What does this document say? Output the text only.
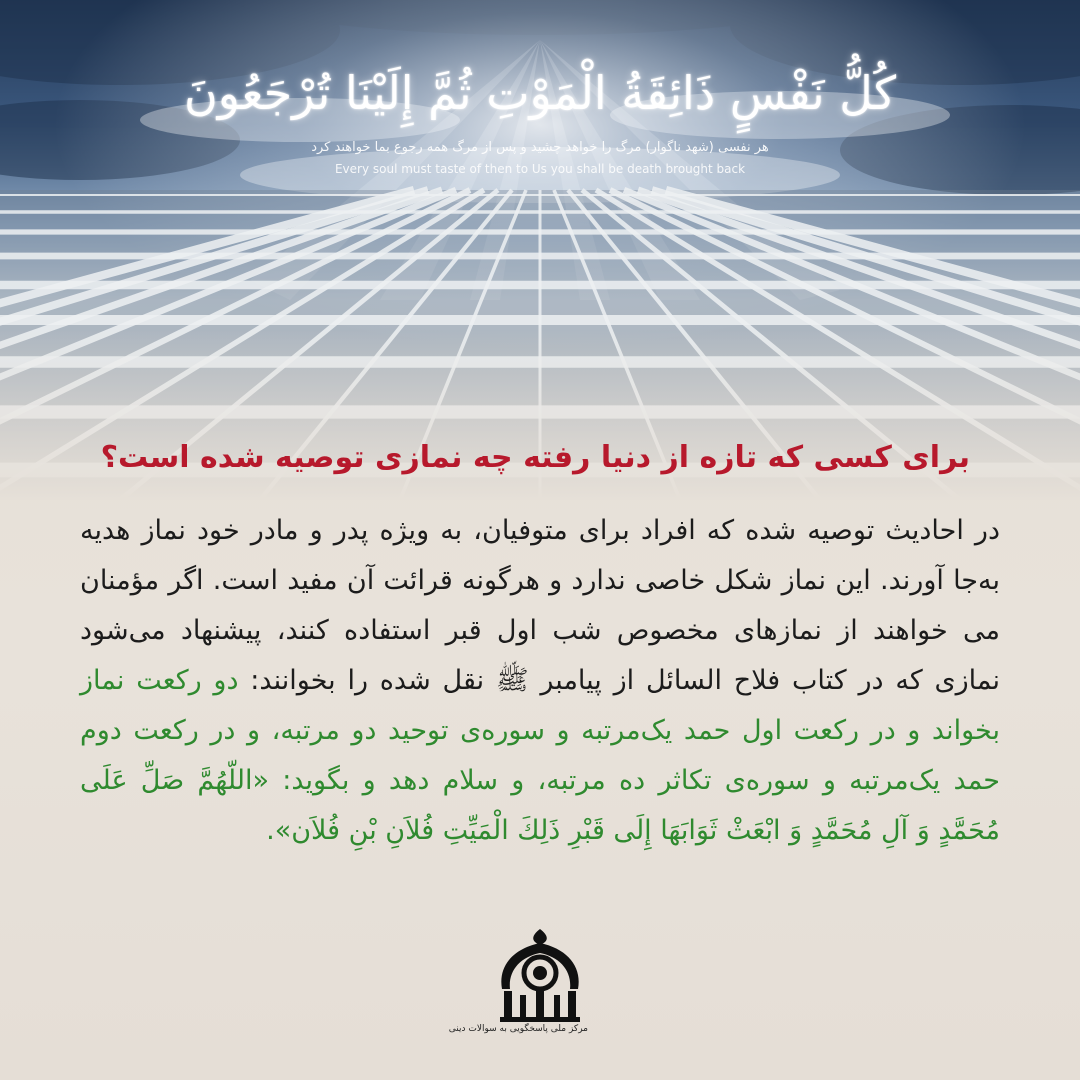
كُلُّ نَفْسٍ ذَائِقَةُ الْمَوْتِ ثُمَّ إِلَيْنَا تُرْجَعُونَ
هر نفسی (شهد ناگوار) مرگ را خواهد چشید و پس از مرگ همه رجوع بما خواهند کرد
Every soul must taste of then to Us you shall be death brought back
برای کسی که تازه از دنیا رفته چه نمازی توصیه شده است؟
در احادیث توصیه شده که افراد برای متوفیان، به ویژه پدر و مادر خود نماز هدیه به‌جا آورند. این نماز شکل خاصی ندارد و هرگونه قرائت آن مفید است. اگر مؤمنان می خواهند از نمازهای مخصوص شب اول قبر استفاده کنند، پیشنهاد می‌شود نمازی که در کتاب فلاح السائل از پیامبر ﷺ نقل شده را بخوانند: دو رکعت نماز بخواند و در رکعت اول حمد یک‌مرتبه و سوره‌ی توحید دو مرتبه، و در رکعت دوم حمد یک‌مرتبه و سوره‌ی تکاثر ده مرتبه، و سلام دهد و بگوید: «اللّهُمَّ صَلِّ عَلَى مُحَمَّدٍ وَ آلِ مُحَمَّدٍ وَ ابْعَثْ ثَوَابَهَا إِلَى قَبْرِ ذَلِكَ الْمَيِّتِ فُلاَنِ بْنِ فُلاَن».
مرکز ملی پاسخگویی به سوالات دینی
